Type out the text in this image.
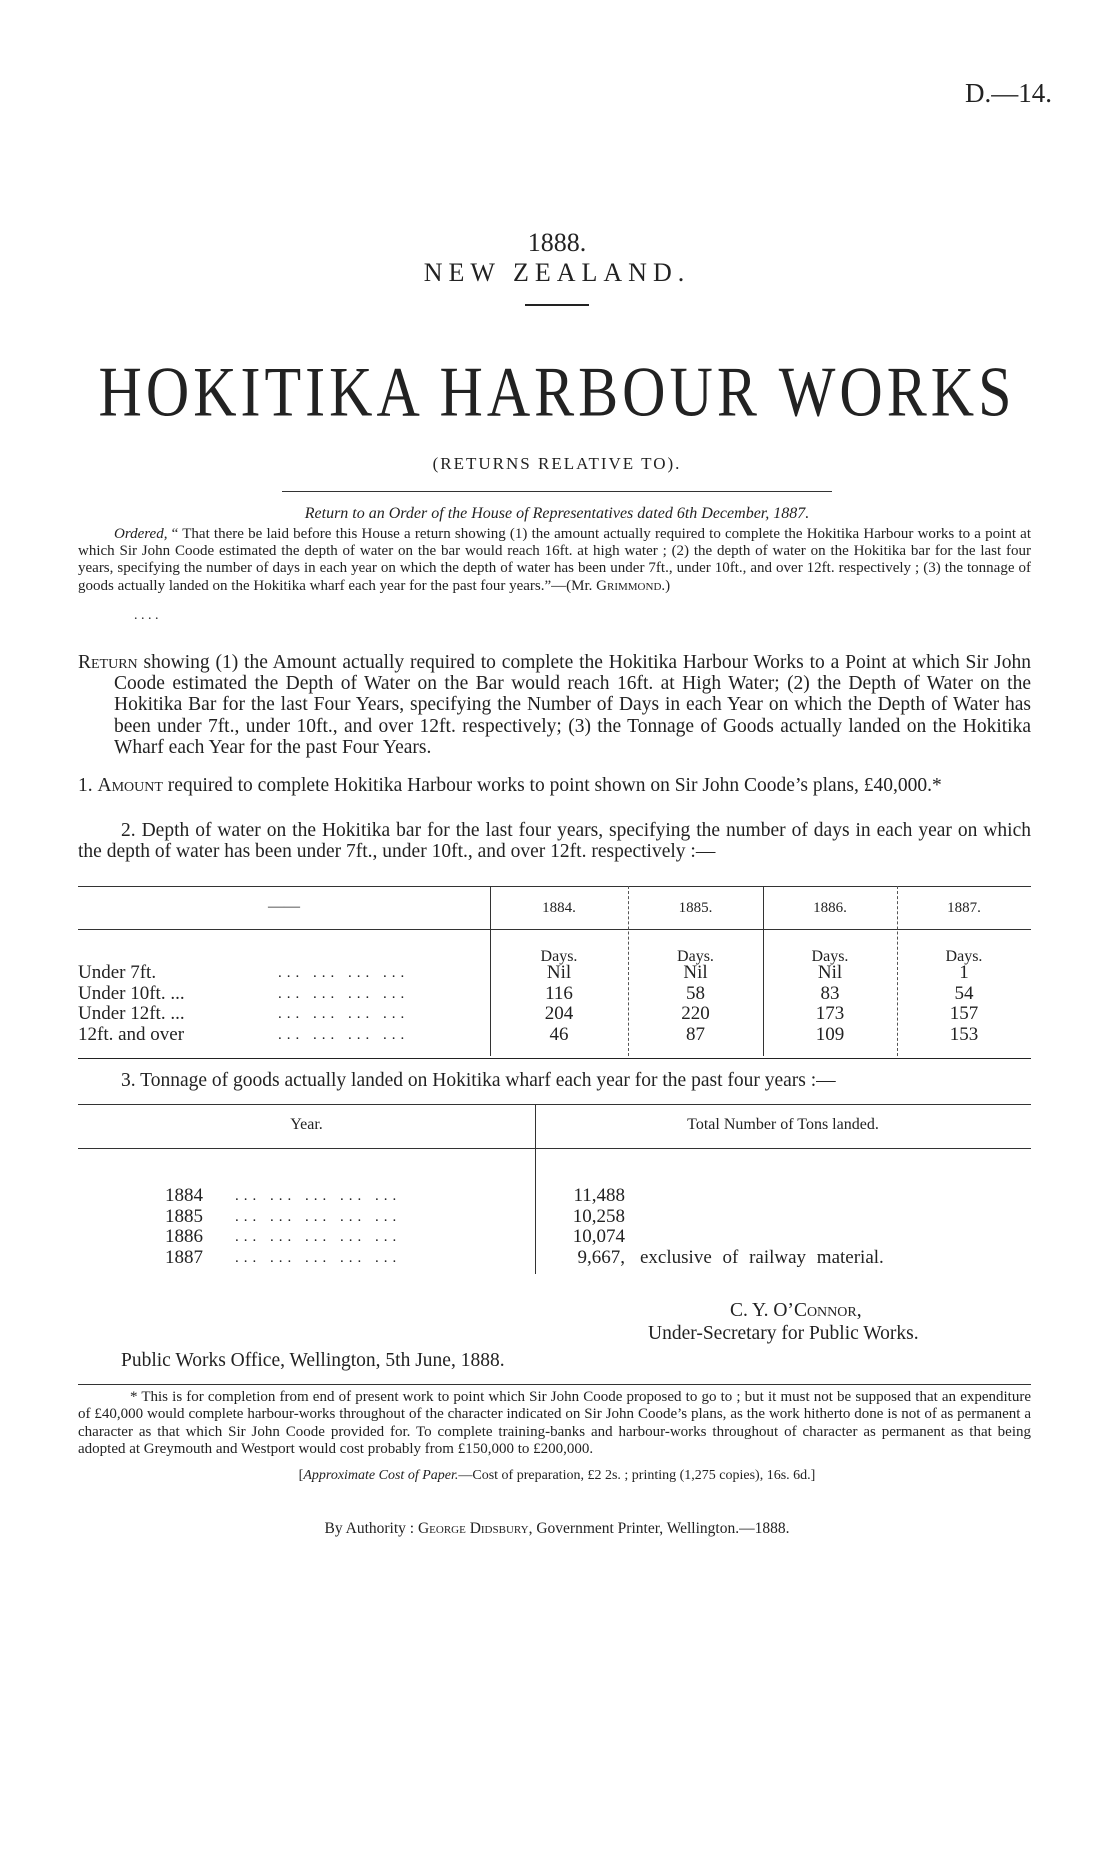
D.—14.
1888.
NEW ZEALAND.
HOKITIKA HARBOUR WORKS
(RETURNS RELATIVE TO).
Return to an Order of the House of Representatives dated 6th December, 1887.
Ordered, “ That there be laid before this House a return showing (1) the amount actually required to complete the Hokitika Harbour works to a point at which Sir John Coode estimated the depth of water on the bar would reach 16ft. at high water ; (2) the depth of water on the Hokitika bar for the last four years, specifying the number of days in each year on which the depth of water has been under 7ft., under 10ft., and over 12ft. respectively ; (3) the tonnage of goods actually landed on the Hokitika wharf each year for the past four years.”—(Mr. Grimmond.)
. . . .
Return showing (1) the Amount actually required to complete the Hokitika Harbour Works to a Point at which Sir John Coode estimated the Depth of Water on the Bar would reach 16ft. at High Water; (2) the Depth of Water on the Hokitika Bar for the last Four Years, specifying the Number of Days in each Year on which the Depth of Water has been under 7ft., under 10ft., and over 12ft. respectively; (3) the Tonnage of Goods actually landed on the Hokitika Wharf each Year for the past Four Years.
1. Amount required to complete Hokitika Harbour works to point shown on Sir John Coode’s plans, £40,000.*
2. Depth of water on the Hokitika bar for the last four years, specifying the number of days in each year on which the depth of water has been under 7ft., under 10ft., and over 12ft. respectively :—
——	1884.	1885.	1886.	1887.
Days.	Days.	Days.	Days.
Under 7ft.	... ... ... ...	Nil	Nil	Nil	1
Under 10ft. ...	... ... ... ...	116	58	83	54
Under 12ft. ...	... ... ... ...	204	220	173	157
12ft. and over	... ... ... ...	46	87	109	153
3. Tonnage of goods actually landed on Hokitika wharf each year for the past four years :—
Year.	Total Number of Tons landed.
1884 ... ... ... ... ...	11,488
1885 ... ... ... ... ...	10,258
1886 ... ... ... ... ...	10,074
1887 ... ... ... ... ...	9,667, exclusive of railway material.
C. Y. O’Connor,
Under-Secretary for Public Works.
Public Works Office, Wellington, 5th June, 1888.
* This is for completion from end of present work to point which Sir John Coode proposed to go to ; but it must not be supposed that an expenditure of £40,000 would complete harbour-works throughout of the character indicated on Sir John Coode’s plans, as the work hitherto done is not of as permanent a character as that which Sir John Coode provided for. To complete training-banks and harbour-works throughout of character as permanent as that being adopted at Greymouth and Westport would cost probably from £150,000 to £200,000.
[Approximate Cost of Paper.—Cost of preparation, £2 2s. ; printing (1,275 copies), 16s. 6d.]
By Authority : George Didsbury, Government Printer, Wellington.—1888.
